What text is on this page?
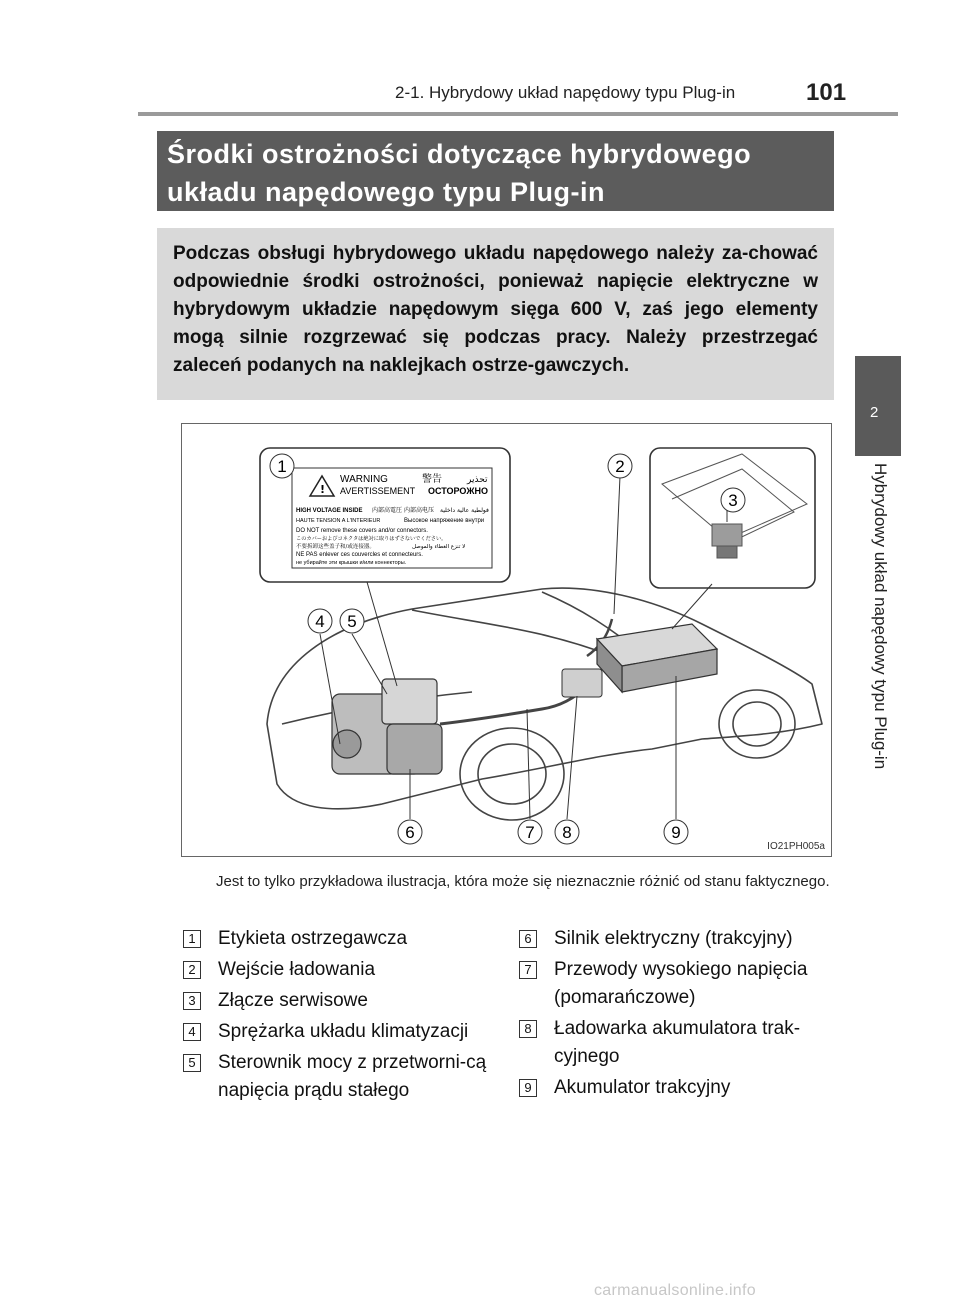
2-1. Hybrydowy układ napędowy typu Plug-in	101
2
Hybrydowy układ napędowy typu Plug-in
Środki ostrożności dotyczące hybrydowego
układu napędowego typu Plug-in
Podczas obsługi hybrydowego układu napędowego należy za-chować odpowiednie środki ostrożności, ponieważ napięcie elektryczne w hybrydowym układzie napędowym sięga 600 V, zaś jego elementy mogą silnie rozgrzewać się podczas pracy. Należy przestrzegać zaleceń podanych na naklejkach ostrze-gawczych.
!
WARNING	警告	تحذير
AVERTISSEMENT ОСТОРОЖНО
HIGH VOLTAGE INSIDE 内部高電圧 内部高电压 فولطية عالية داخلية
HAUTE TENSION A L'INTERIEUR	Высокое напряжение внутри
DO NOT remove these covers and/or connectors.
このカバーおよびコネクタは絶対に取りはずさないでください。
不要拆卸这些盖子和/或连接器。	لا تنزع الغطاء والموصل
NE PAS enlever ces couvercles et connecteurs.
не убирайте эти крышки и/или коннекторы.
1	2
3
4 5
6	7 8	9
IO21PH005a
Jest to tylko przykładowa ilustracja, która może się nieznacznie różnić od stanu faktycznego.
1 Etykieta ostrzegawcza
2 Wejście ładowania
3 Złącze serwisowe
4 Sprężarka układu klimatyzacji
5 Sterownik mocy z przetworni-cą napięcia prądu stałego
6 Silnik elektryczny (trakcyjny)
7 Przewody wysokiego napięcia (pomarańczowe)
8 Ładowarka akumulatora trak-cyjnego
9 Akumulator trakcyjny
carmanualsonline.info
